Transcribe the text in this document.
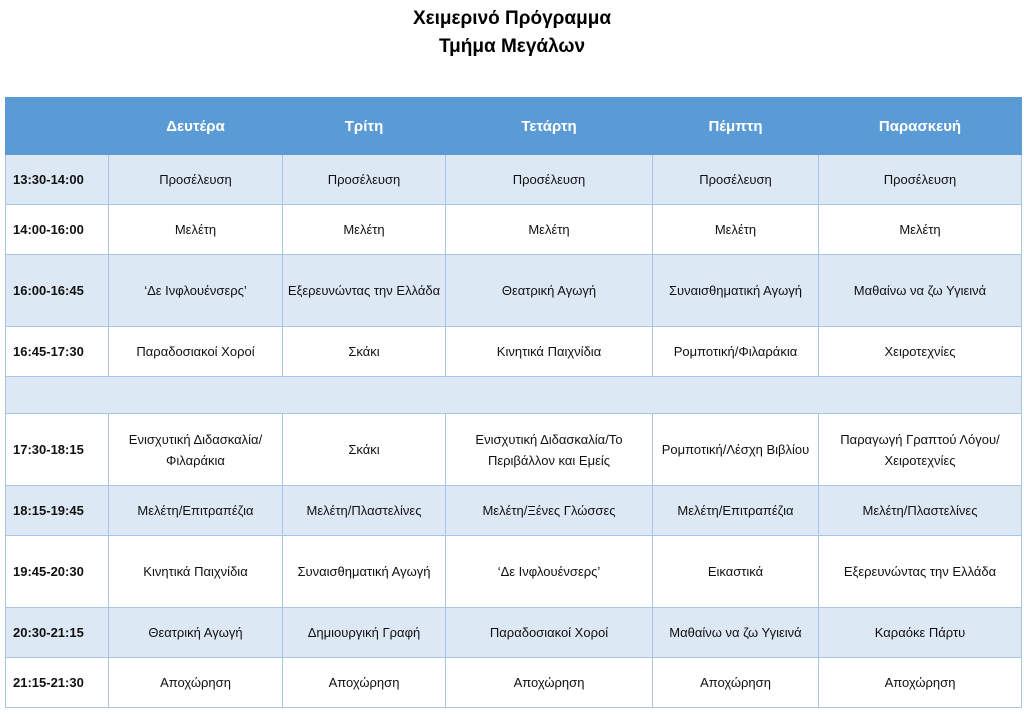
Χειμερινό Πρόγραμμα
Τμήμα Μεγάλων
	Δευτέρα	Τρίτη	Τετάρτη	Πέμπτη	Παρασκευή
13:30-14:00	Προσέλευση	Προσέλευση	Προσέλευση	Προσέλευση	Προσέλευση
14:00-16:00	Μελέτη	Μελέτη	Μελέτη	Μελέτη	Μελέτη
16:00-16:45	‘Δε Ινφλουένσερς’	Εξερευνώντας την Ελλάδα	Θεατρική Αγωγή	Συναισθηματική Αγωγή	Μαθαίνω να ζω Υγιεινά
16:45-17:30	Παραδοσιακοί Χοροί	Σκάκι	Κινητικά Παιχνίδια	Ρομποτική/Φιλαράκια	Χειροτεχνίες

17:30-18:15	Ενισχυτική Διδασκαλία/Φιλαράκια	Σκάκι	Ενισχυτική Διδασκαλία/Το Περιβάλλον και Εμείς	Ρομποτική/Λέσχη Βιβλίου	Παραγωγή Γραπτού Λόγου/Χειροτεχνίες
18:15-19:45	Μελέτη/Επιτραπέζια	Μελέτη/Πλαστελίνες	Μελέτη/Ξένες Γλώσσες	Μελέτη/Επιτραπέζια	Μελέτη/Πλαστελίνες
19:45-20:30	Κινητικά Παιχνίδια	Συναισθηματική Αγωγή	‘Δε Ινφλουένσερς’	Εικαστικά	Εξερευνώντας την Ελλάδα
20:30-21:15	Θεατρική Αγωγή	Δημιουργική Γραφή	Παραδοσιακοί Χοροί	Μαθαίνω να ζω Υγιεινά	Καραόκε Πάρτυ
21:15-21:30	Αποχώρηση	Αποχώρηση	Αποχώρηση	Αποχώρηση	Αποχώρηση
